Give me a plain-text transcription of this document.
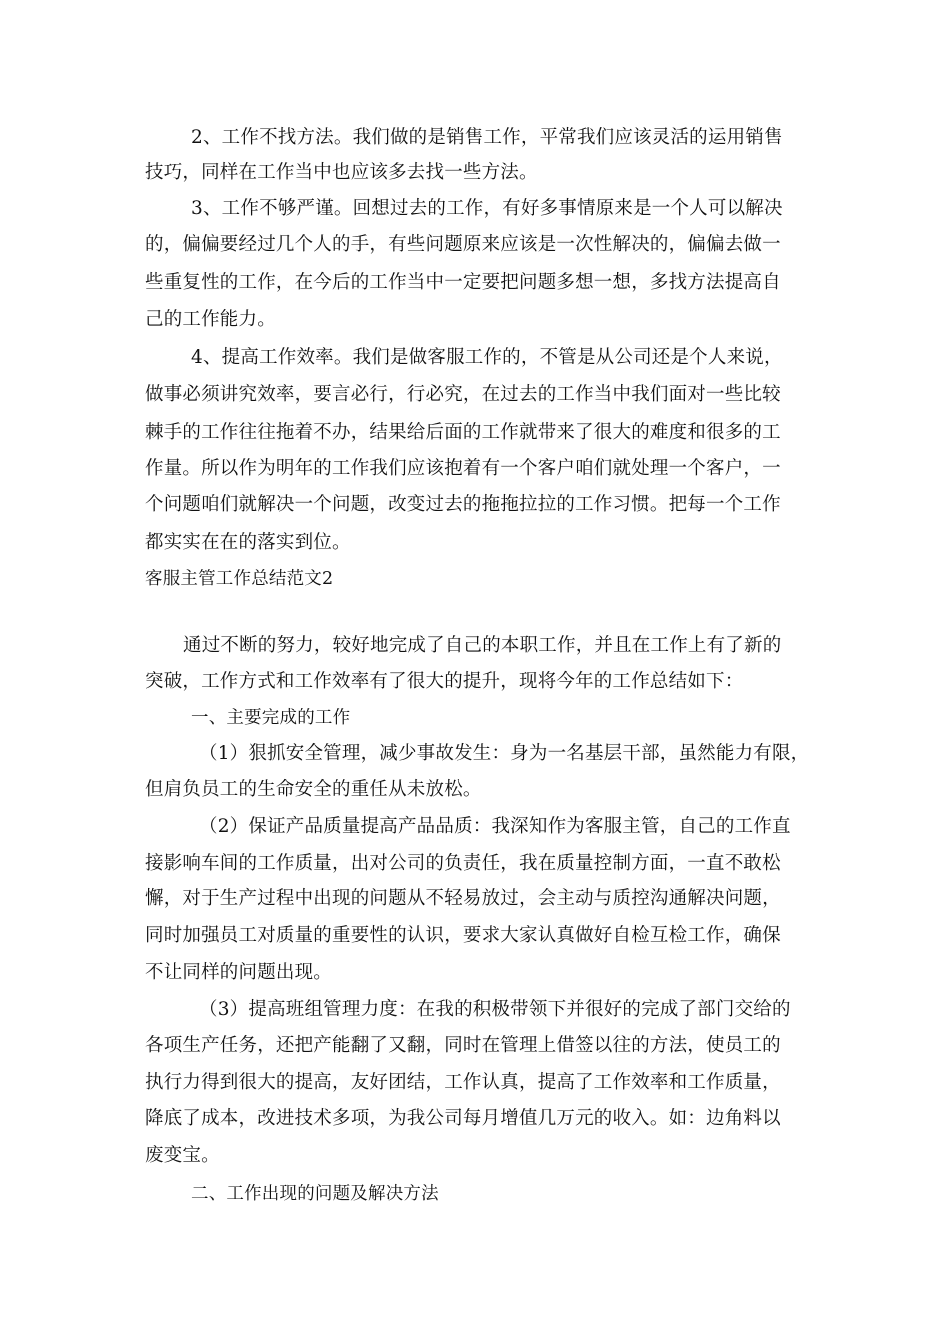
2、工作不找方法。我们做的是销售工作，平常我们应该灵活的运用销售
技巧，同样在工作当中也应该多去找一些方法。
3、工作不够严谨。回想过去的工作，有好多事情原来是一个人可以解决
的，偏偏要经过几个人的手，有些问题原来应该是一次性解决的，偏偏去做一
些重复性的工作，在今后的工作当中一定要把问题多想一想，多找方法提高自
己的工作能力。
4、提高工作效率。我们是做客服工作的，不管是从公司还是个人来说，
做事必须讲究效率，要言必行，行必究，在过去的工作当中我们面对一些比较
棘手的工作往往拖着不办，结果给后面的工作就带来了很大的难度和很多的工
作量。所以作为明年的工作我们应该抱着有一个客户咱们就处理一个客户，一
个问题咱们就解决一个问题，改变过去的拖拖拉拉的工作习惯。把每一个工作
都实实在在的落实到位。
客服主管工作总结范文2
通过不断的努力，较好地完成了自己的本职工作，并且在工作上有了新的
突破，工作方式和工作效率有了很大的提升，现将今年的工作总结如下：
一、主要完成的工作
（1）狠抓安全管理，减少事故发生：身为一名基层干部，虽然能力有限，
但肩负员工的生命安全的重任从未放松。
（2）保证产品质量提高产品品质：我深知作为客服主管，自己的工作直
接影响车间的工作质量，出对公司的负责任，我在质量控制方面，一直不敢松
懈，对于生产过程中出现的问题从不轻易放过，会主动与质控沟通解决问题，
同时加强员工对质量的重要性的认识，要求大家认真做好自检互检工作，确保
不让同样的问题出现。
（3）提高班组管理力度：在我的积极带领下并很好的完成了部门交给的
各项生产任务，还把产能翻了又翻，同时在管理上借签以往的方法，使员工的
执行力得到很大的提高，友好团结，工作认真，提高了工作效率和工作质量，
降底了成本，改进技术多项，为我公司每月增值几万元的收入。如：边角料以
废变宝。
二、工作出现的问题及解决方法
